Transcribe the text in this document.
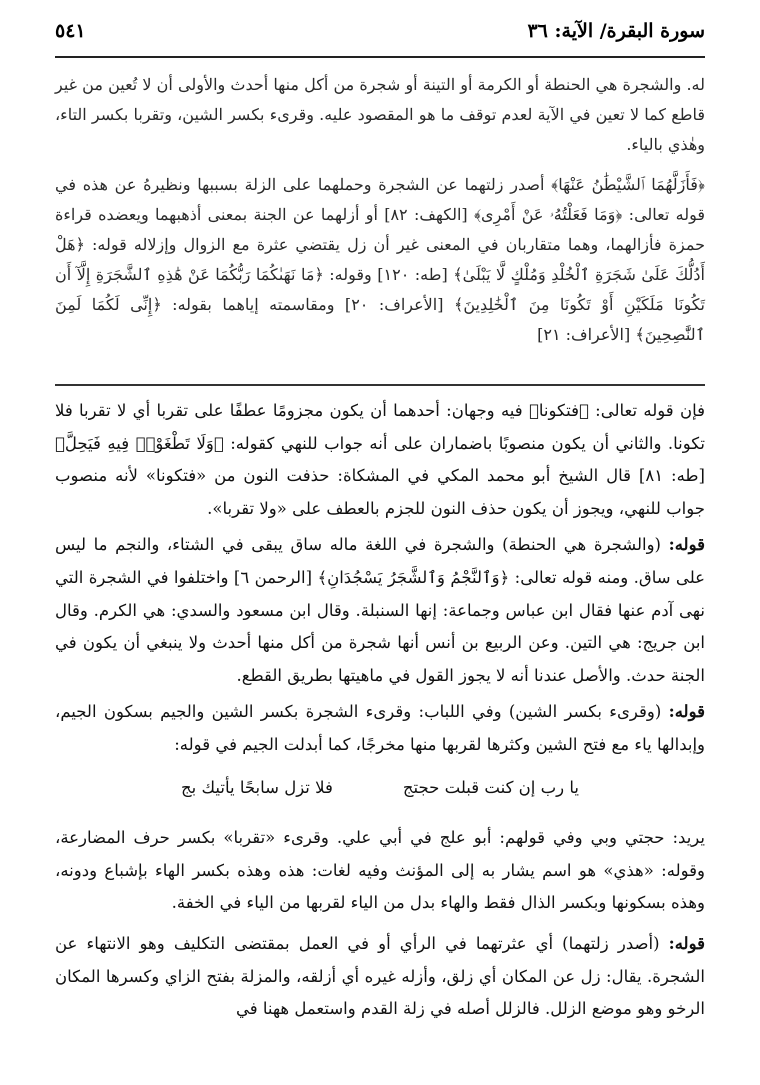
سورة البقرة/ الآية: ٣٦
٥٤١

له. والشجرة هي الحنطة أو الكرمة أو التينة أو شجرة من أكل منها أحدث والأولى أن لا تُعين من غير قاطع كما لا تعين في الآية لعدم توقف ما هو المقصود عليه. وقرىء بكسر الشين، وتقربا بكسر التاء، وهٰذي بالياء.

﴿فَأَزَلَّهُمَا ٱلشَّيْطَٰنُ عَنْهَا﴾ أصدر زلتهما عن الشجرة وحملهما على الزلة بسببها ونظيرهُ عن هذه في قوله تعالى: ﴿وَمَا فَعَلْتُهُۥ عَنْ أَمْرِى﴾ [الكهف: ٨٢] أو أزلهما عن الجنة بمعنى أذهبهما ويعضده قراءة حمزة فأزالهما، وهما متقاربان في المعنى غير أن زل يقتضي عثرة مع الزوال وإزلاله قوله: ﴿هَلْ أَدُلُّكَ عَلَىٰ شَجَرَةِ ٱلْخُلْدِ وَمُلْكٍ لَّا يَبْلَىٰ﴾ [طه: ١٢٠] وقوله: ﴿مَا نَهَىٰكُمَا رَبُّكُمَا عَنْ هَٰذِهِ ٱلشَّجَرَةِ إِلَّآ أَن تَكُونَا مَلَكَيْنِ أَوْ تَكُونَا مِنَ ٱلْخَٰلِدِينَ﴾ [الأعراف: ٢٠] ومقاسمته إياهما بقوله: ﴿إِنِّى لَكُمَا لَمِنَ ٱلنَّٰصِحِينَ﴾ [الأعراف: ٢١]

فإن قوله تعالى: ﴿فتكونا﴾ فيه وجهان: أحدهما أن يكون مجزومًا عطفًا على تقربا أي لا تقربا فلا تكونا. والثاني أن يكون منصوبًا باضماران على أنه جواب للنهي كقوله: ﴿وَلَا تَطْغَوْا۟ فِيهِ فَيَحِلَّ﴾ [طه: ٨١] قال الشيخ أبو محمد المكي في المشكاة: حذفت النون من «فتكونا» لأنه منصوب جواب للنهي، ويجوز أن يكون حذف النون للجزم بالعطف على «ولا تقربا».

قوله: (والشجرة هي الحنطة) والشجرة في اللغة ماله ساق يبقى في الشتاء، والنجم ما ليس على ساق. ومنه قوله تعالى: ﴿وَٱلنَّجْمُ وَٱلشَّجَرُ يَسْجُدَانِ﴾ [الرحمن ٦] واختلفوا في الشجرة التي نهى آدم عنها فقال ابن عباس وجماعة: إنها السنبلة. وقال ابن مسعود والسدي: هي الكرم. وقال ابن جريج: هي التين. وعن الربيع بن أنس أنها شجرة من أكل منها أحدث ولا ينبغي أن يكون في الجنة حدث. والأصل عندنا أنه لا يجوز القول في ماهيتها بطريق القطع.

قوله: (وقرىء بكسر الشين) وفي اللباب: وقرىء الشجرة بكسر الشين والجيم بسكون الجيم، وإبدالها ياء مع فتح الشين وكثرها لقربها منها مخرجًا، كما أبدلت الجيم في قوله:

يا رب إن كنت قبلت حجتج
فلا تزل سابحًا يأتيك بج

يريد: حجتي وبي وفي قولهم: أبو علج في أبي علي. وقرىء «تقربا» بكسر حرف المضارعة، وقوله: «هذي» هو اسم يشار به إلى المؤنث وفيه لغات: هذه وهذه بكسر الهاء بإشباع ودونه، وهذه بسكونها وبكسر الذال فقط والهاء بدل من الياء لقربها من الياء في الخفة.

قوله: (أصدر زلتهما) أي عثرتهما في الرأي أو في العمل بمقتضى التكليف وهو الانتهاء عن الشجرة. يقال: زل عن المكان أي زلق، وأزله غيره أي أزلقه، والمزلة بفتح الزاي وكسرها المكان الرخو وهو موضع الزلل. فالزلل أصله في زلة القدم واستعمل ههنا في
